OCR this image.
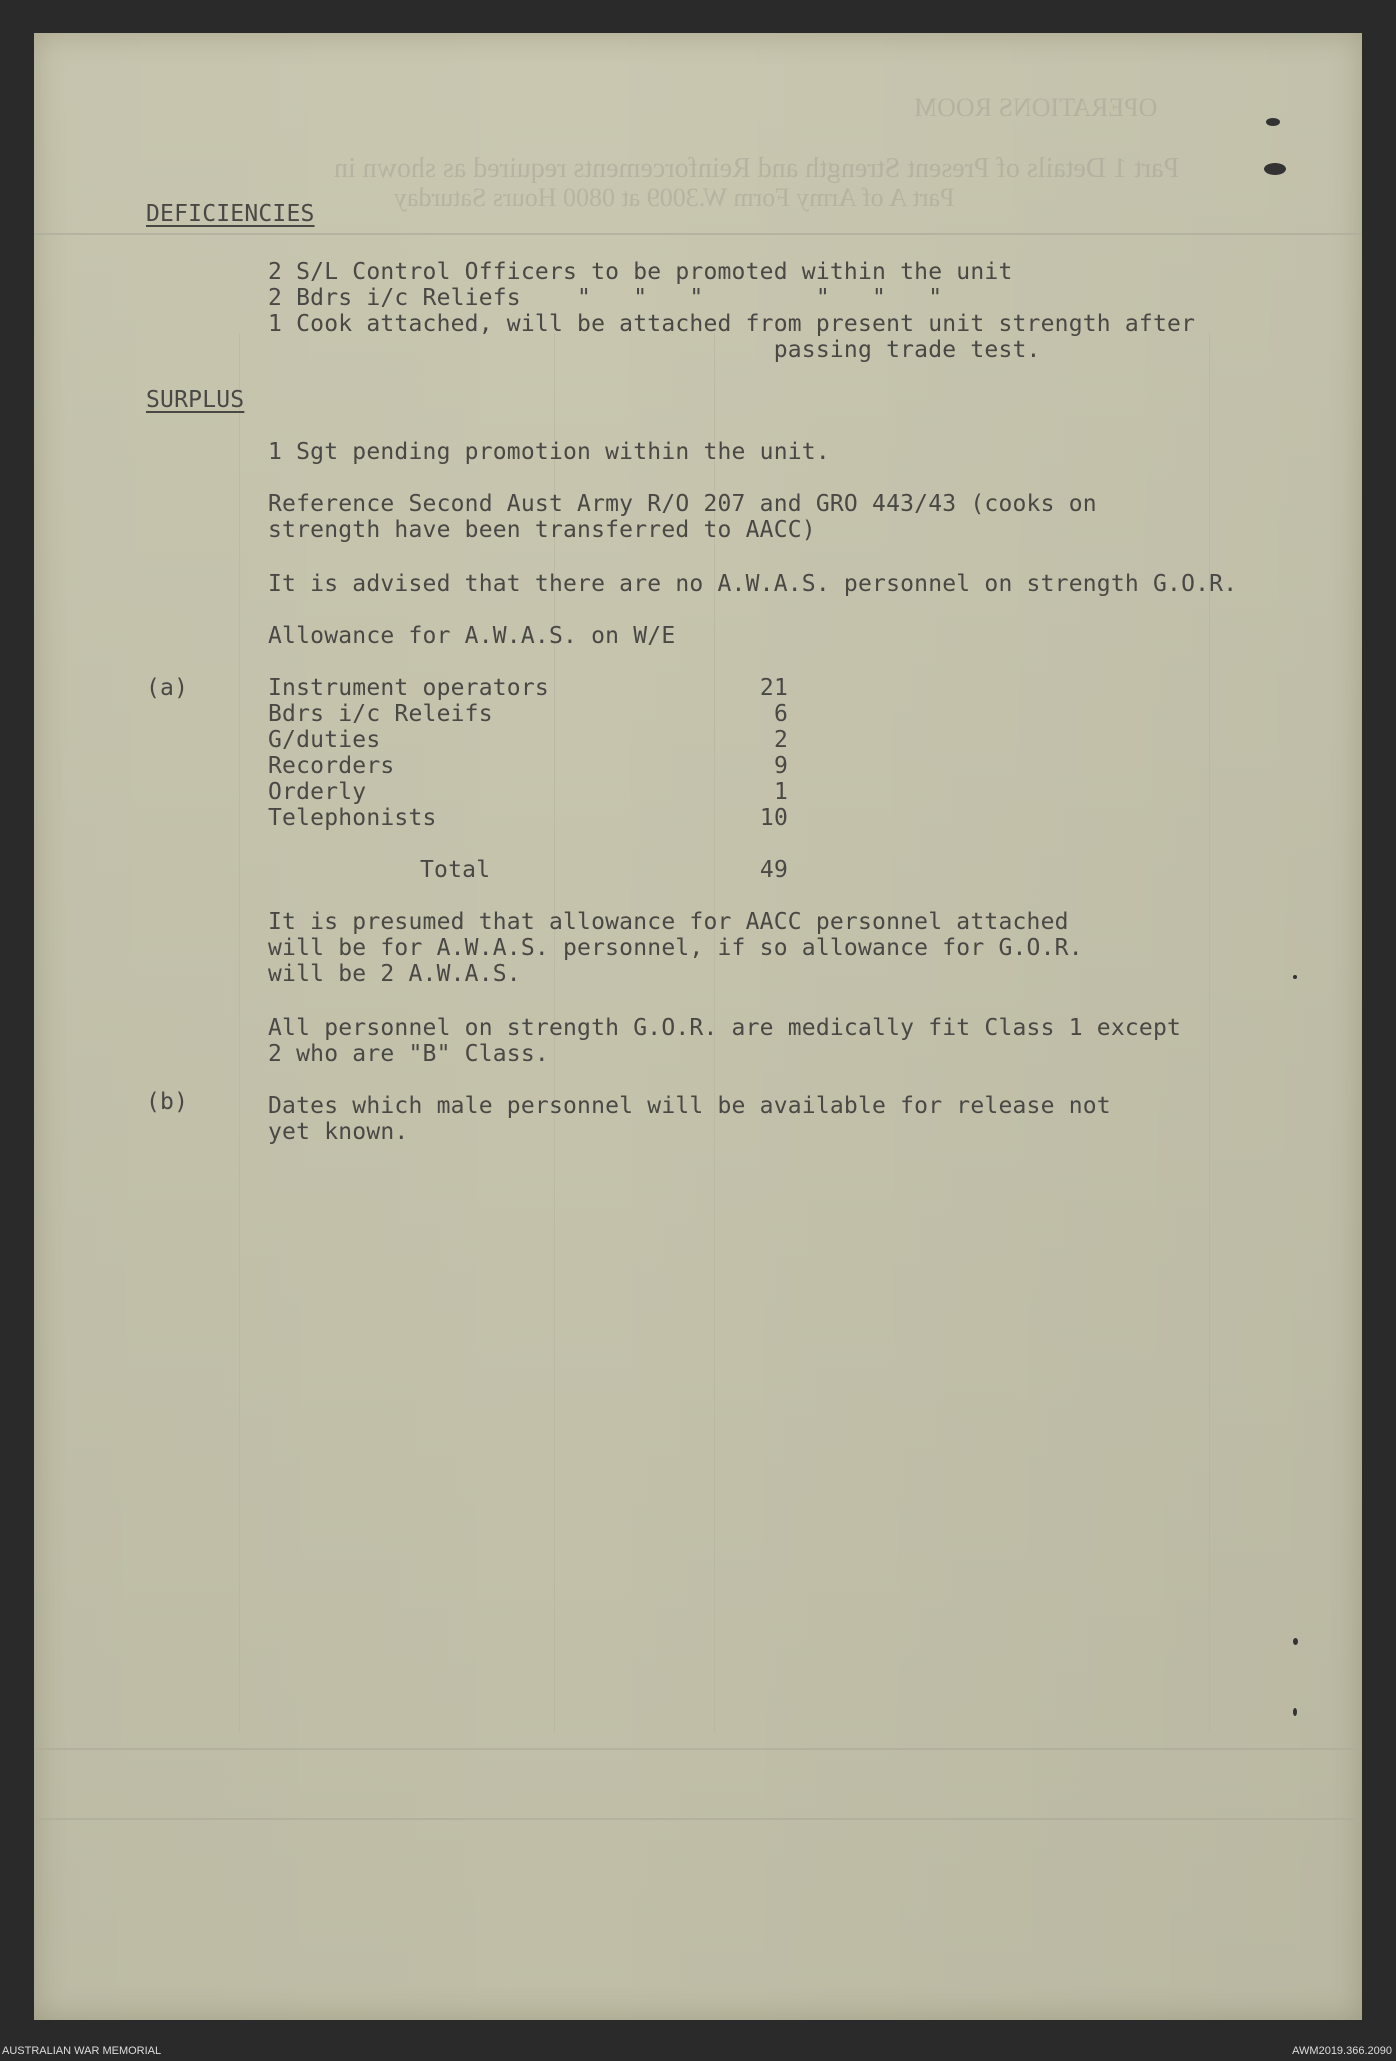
OPERATIONS ROOM
Part 1 Details of Present Strength and Reinforcements required as shown in
Part A of Army Form W.3009 at 0800 Hours Saturday
DEFICIENCIES
2 S/L Control Officers to be promoted within the unit
2 Bdrs i/c Reliefs    "   "   "        "   "   "
1 Cook attached, will be attached from present unit strength after
passing trade test.
SURPLUS
1 Sgt pending promotion within the unit.
Reference Second Aust Army R/O 207 and GRO 443/43 (cooks on
strength have been transferred to AACC)
It is advised that there are no A.W.A.S. personnel on strength G.O.R.
Allowance for A.W.A.S. on W/E
(a)	Instrument operators	21
Bdrs i/c Releifs	6
G/duties	2
Recorders	9
Orderly	1
Telephonists	10
Total	49
It is presumed that allowance for AACC personnel attached
will be for A.W.A.S. personnel, if so allowance for G.O.R.
will be 2 A.W.A.S.
All personnel on strength G.O.R. are medically fit Class 1 except
2 who are "B" Class.
(b)	Dates which male personnel will be available for release not
yet known.
AUSTRALIAN WAR MEMORIAL	AWM2019.366.2090
